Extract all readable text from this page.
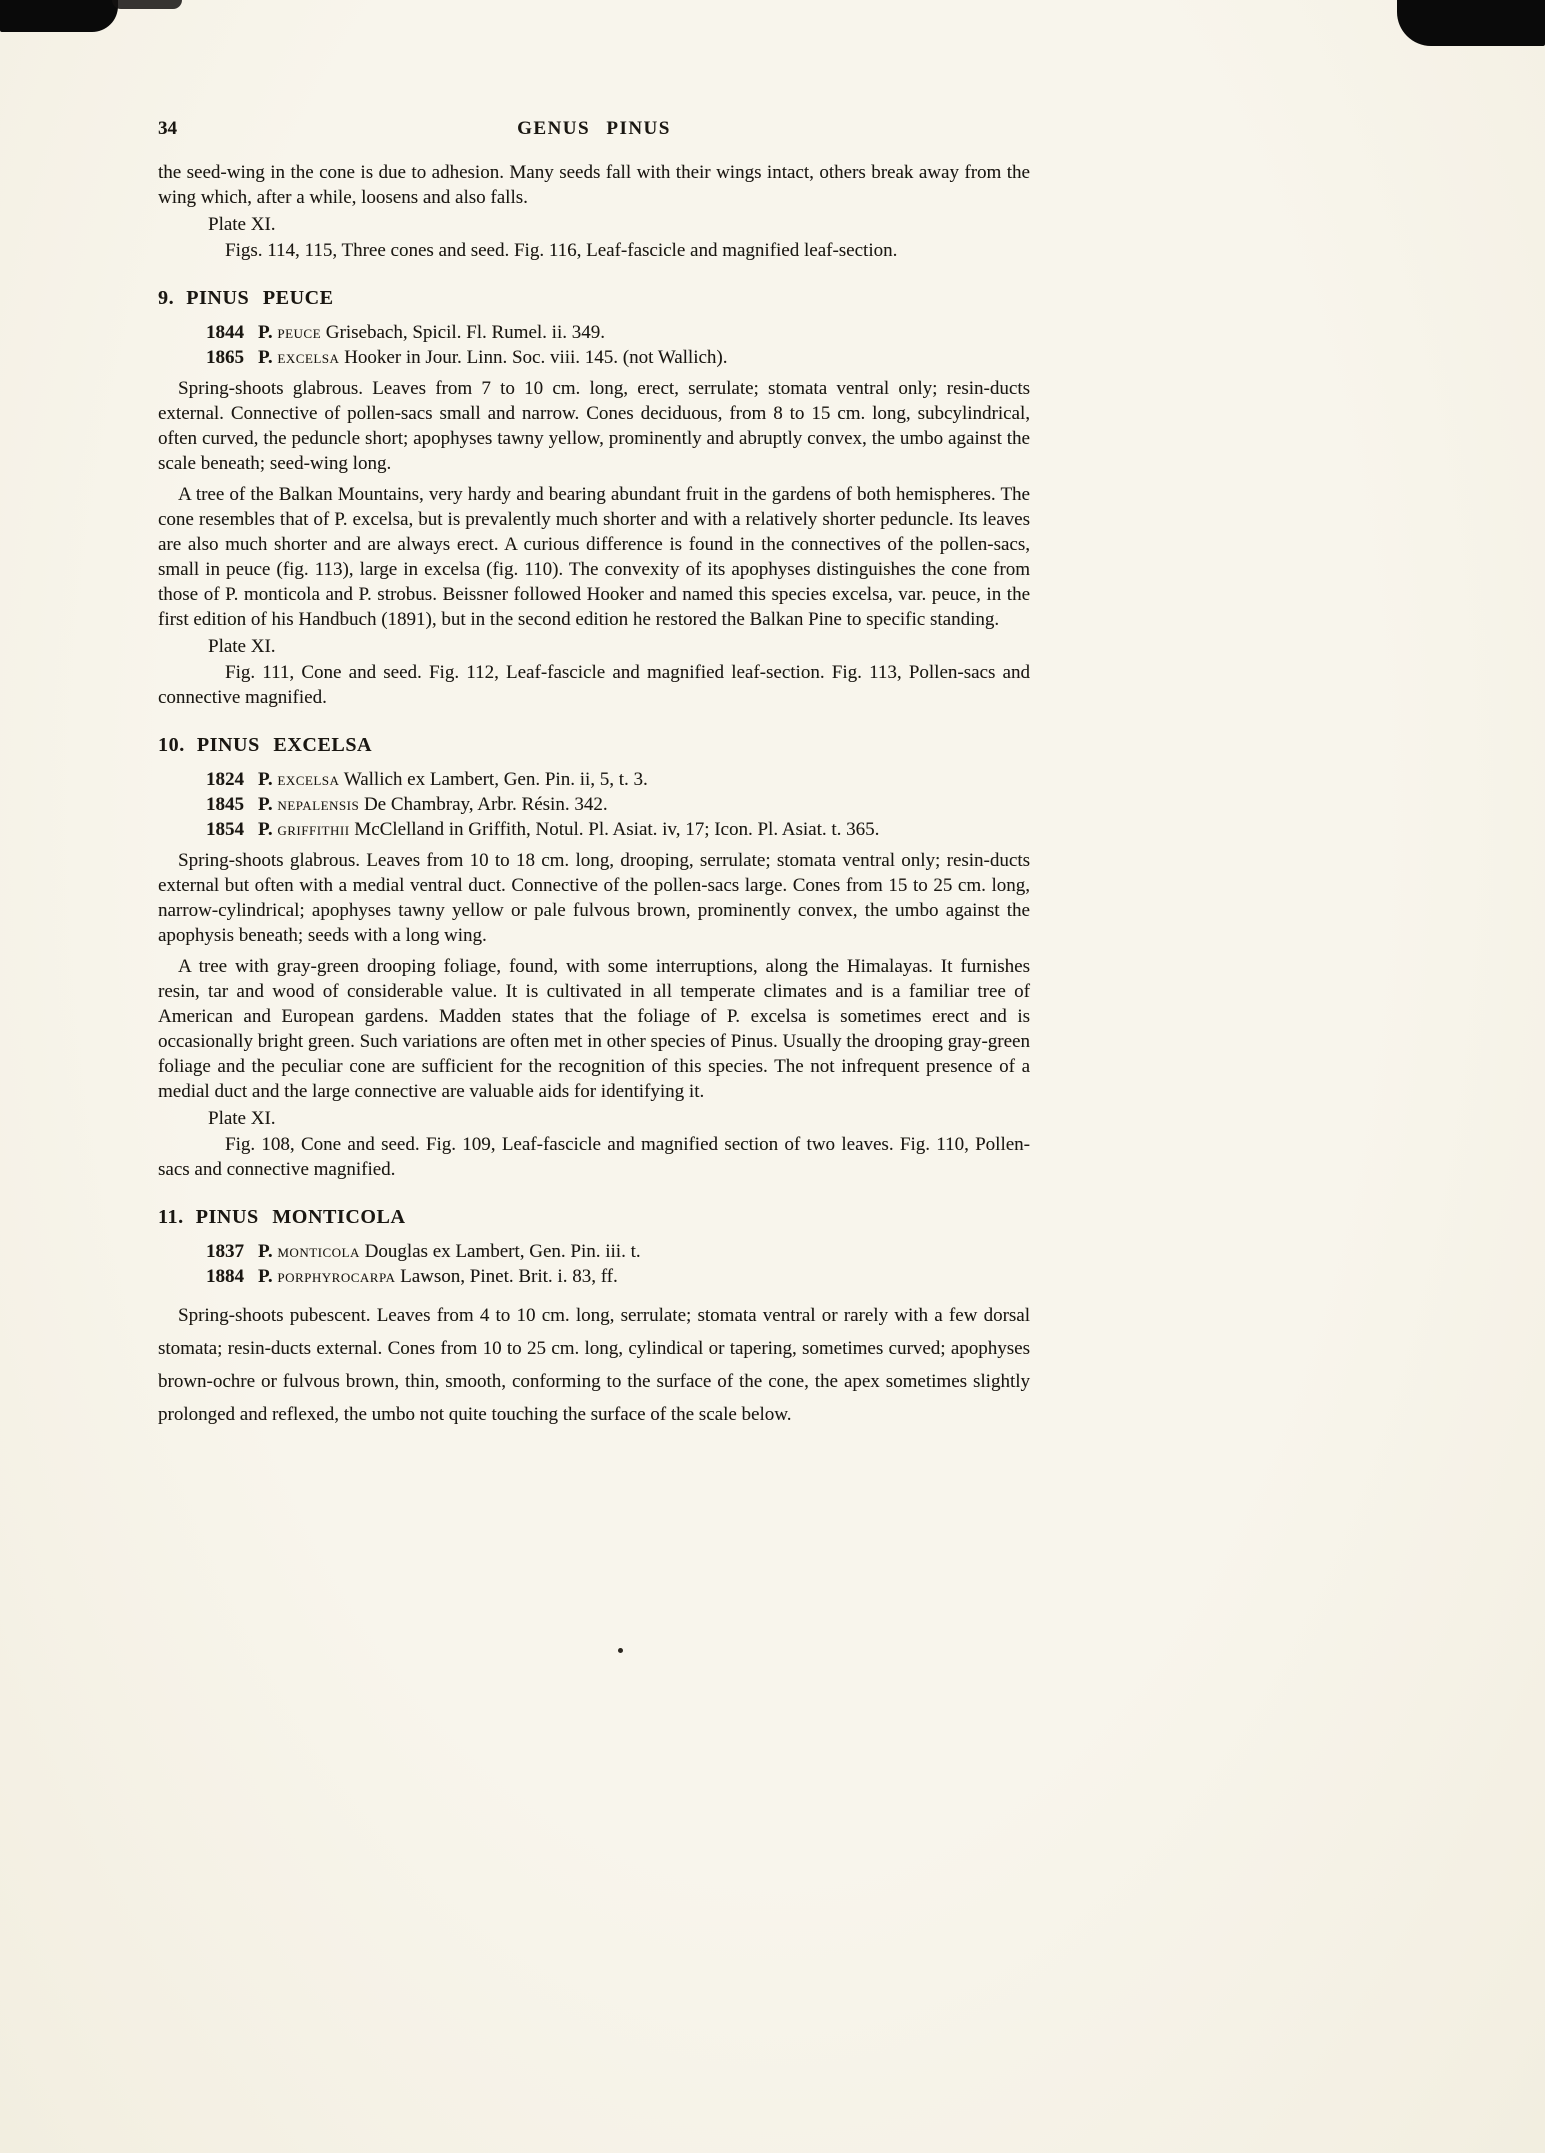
34	GENUS PINUS

the seed-wing in the cone is due to adhesion. Many seeds fall with their wings intact, others break away from the wing which, after a while, loosens and also falls.

Plate XI.

Figs. 114, 115, Three cones and seed. Fig. 116, Leaf-fascicle and magnified leaf-section.

9. PINUS PEUCE
1844 P. peuce Grisebach, Spicil. Fl. Rumel. ii. 349.
1865 P. excelsa Hooker in Jour. Linn. Soc. viii. 145. (not Wallich).

Spring-shoots glabrous. Leaves from 7 to 10 cm. long, erect, serrulate; stomata ventral only; resin-ducts external. Connective of pollen-sacs small and narrow. Cones deciduous, from 8 to 15 cm. long, subcylindrical, often curved, the peduncle short; apophyses tawny yellow, prominently and abruptly convex, the umbo against the scale beneath; seed-wing long.

A tree of the Balkan Mountains, very hardy and bearing abundant fruit in the gardens of both hemispheres. The cone resembles that of P. excelsa, but is prevalently much shorter and with a relatively shorter peduncle. Its leaves are also much shorter and are always erect. A curious difference is found in the connectives of the pollen-sacs, small in peuce (fig. 113), large in excelsa (fig. 110). The convexity of its apophyses distinguishes the cone from those of P. monticola and P. strobus. Beissner followed Hooker and named this species excelsa, var. peuce, in the first edition of his Handbuch (1891), but in the second edition he restored the Balkan Pine to specific standing.

Plate XI.

Fig. 111, Cone and seed. Fig. 112, Leaf-fascicle and magnified leaf-section. Fig. 113, Pollen-sacs and connective magnified.

10. PINUS EXCELSA
1824 P. excelsa Wallich ex Lambert, Gen. Pin. ii, 5, t. 3.
1845 P. nepalensis De Chambray, Arbr. Résin. 342.
1854 P. griffithii McClelland in Griffith, Notul. Pl. Asiat. iv, 17; Icon. Pl. Asiat. t. 365.

Spring-shoots glabrous. Leaves from 10 to 18 cm. long, drooping, serrulate; stomata ventral only; resin-ducts external but often with a medial ventral duct. Connective of the pollen-sacs large. Cones from 15 to 25 cm. long, narrow-cylindrical; apophyses tawny yellow or pale fulvous brown, prominently convex, the umbo against the apophysis beneath; seeds with a long wing.

A tree with gray-green drooping foliage, found, with some interruptions, along the Himalayas. It furnishes resin, tar and wood of considerable value. It is cultivated in all temperate climates and is a familiar tree of American and European gardens. Madden states that the foliage of P. excelsa is sometimes erect and is occasionally bright green. Such variations are often met in other species of Pinus. Usually the drooping gray-green foliage and the peculiar cone are sufficient for the recognition of this species. The not infrequent presence of a medial duct and the large connective are valuable aids for identifying it.

Plate XI.

Fig. 108, Cone and seed. Fig. 109, Leaf-fascicle and magnified section of two leaves. Fig. 110, Pollen-sacs and connective magnified.

11. PINUS MONTICOLA
1837 P. monticola Douglas ex Lambert, Gen. Pin. iii. t.
1884 P. porphyrocarpa Lawson, Pinet. Brit. i. 83, ff.

Spring-shoots pubescent. Leaves from 4 to 10 cm. long, serrulate; stomata ventral or rarely with a few dorsal stomata; resin-ducts external. Cones from 10 to 25 cm. long, cylindical or tapering, sometimes curved; apophyses brown-ochre or fulvous brown, thin, smooth, conforming to the surface of the cone, the apex sometimes slightly prolonged and reflexed, the umbo not quite touching the surface of the scale below.
